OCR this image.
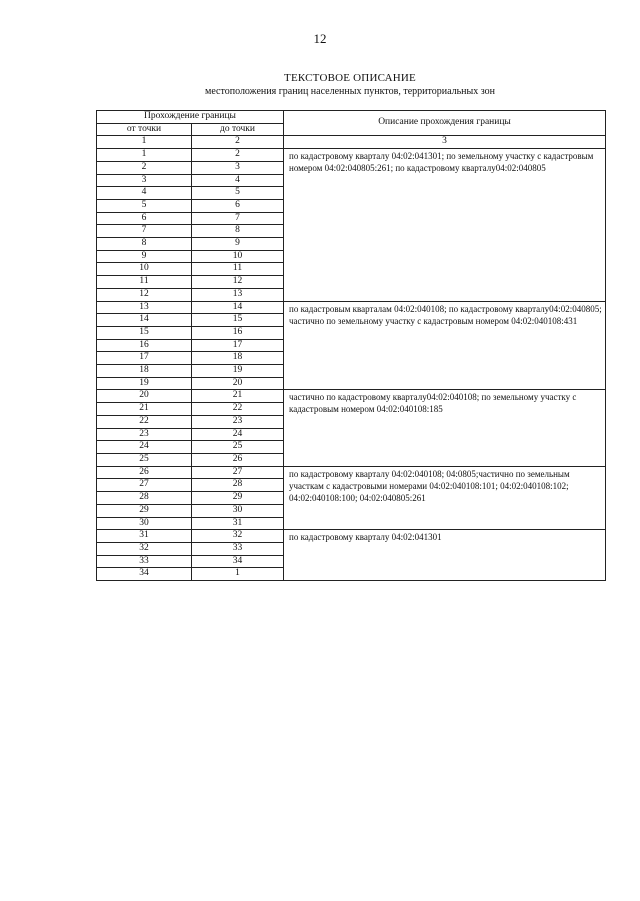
12
ТЕКСТОВОЕ ОПИСАНИЕ
местоположения границ населенных пунктов, территориальных зон
Прохождение границы		Описание прохождения границы
от точки	до точки	
1	2	3
1	2	по кадастровому кварталу 04:02:041301; по земельному участку с кадастровым номером 04:02:040805:261; по кадастровому кварталу04:02:040805
2	3	
3	4	
4	5	
5	6	
6	7	
7	8	
8	9	
9	10	
10	11	
11	12	
12	13	
13	14	по кадастровым кварталам 04:02:040108; по кадастровому кварталу04:02:040805; частично по земельному участку с кадастровым номером 04:02:040108:431
14	15	
15	16	
16	17	
17	18	
18	19	
19	20	
20	21	частично по кадастровому кварталу04:02:040108; по земельному участку с кадастровым номером 04:02:040108:185
21	22	
22	23	
23	24	
24	25	
25	26	
26	27	по кадастровому кварталу 04:02:040108; 04:0805;частично по земельным участкам с кадастровыми номерами 04:02:040108:101; 04:02:040108:102; 04:02:040108:100; 04:02:040805:261
27	28	
28	29	
29	30	
30	31	
31	32	по кадастровому кварталу 04:02:041301
32	33	
33	34	
34	1	
